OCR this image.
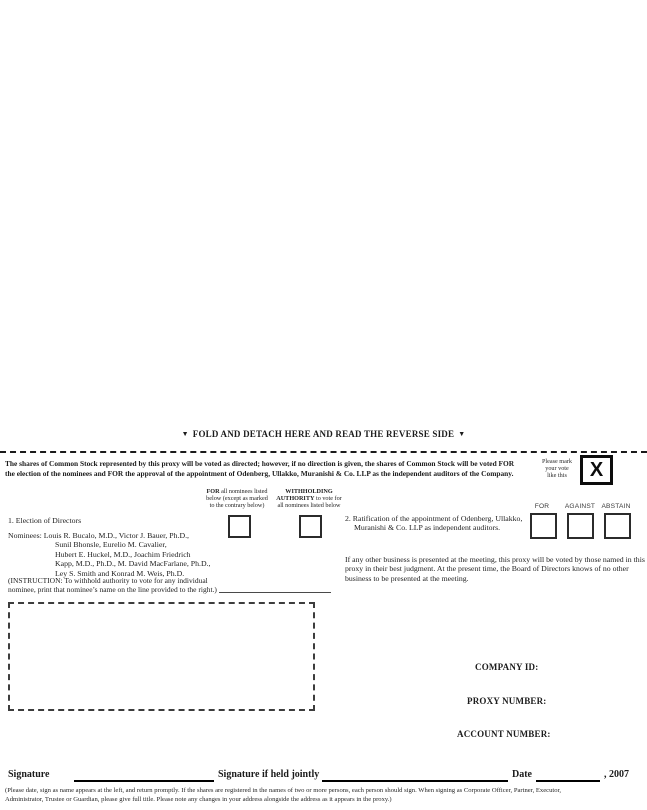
▼ FOLD AND DETACH HERE AND READ THE REVERSE SIDE ▼
The shares of Common Stock represented by this proxy will be voted as directed; however, if no direction is given, the shares of Common Stock will be voted FOR
the election of the nominees and FOR the approval of the appointment of Odenberg, Ullakko, Muranishi & Co. LLP as the independent auditors of the Company.
Please mark
your vote
like this	X
FOR all nominees listed
below (except as marked
to the contrary below)
WITHHOLDING
AUTHORITY to vote for
all nominees listed below	FOR	AGAINST ABSTAIN
1. Election of Directors
Nominees: Louis R. Bucalo, M.D., Victor J. Bauer, Ph.D.,
Sunil Bhonsle, Eurelio M. Cavalier,
Hubert E. Huckel, M.D., Joachim Friedrich
Kapp, M.D., Ph.D., M. David MacFarlane, Ph.D.,
Ley S. Smith and Konrad M. Weis, Ph.D.
2. Ratification of the appointment of Odenberg, Ullakko,
Muranishi & Co. LLP as independent auditors.
If any other business is presented at the meeting, this proxy will be voted by those named in this
proxy in their best judgment. At the present time, the Board of Directors knows of no other
business to be presented at the meeting.
(INSTRUCTION: To withhold authority to vote for any individual
nominee, print that nominee’s name on the line provided to the right.)
COMPANY ID:
PROXY NUMBER:
ACCOUNT NUMBER:
Signature	Signature if held jointly	Date	, 2007
(Please date, sign as name appears at the left, and return promptly. If the shares are registered in the names of two or more persons, each person should sign. When signing as Corporate Officer, Partner, Executor,
Administrator, Trustee or Guardian, please give full title. Please note any changes in your address alongside the address as it appears in the proxy.)
